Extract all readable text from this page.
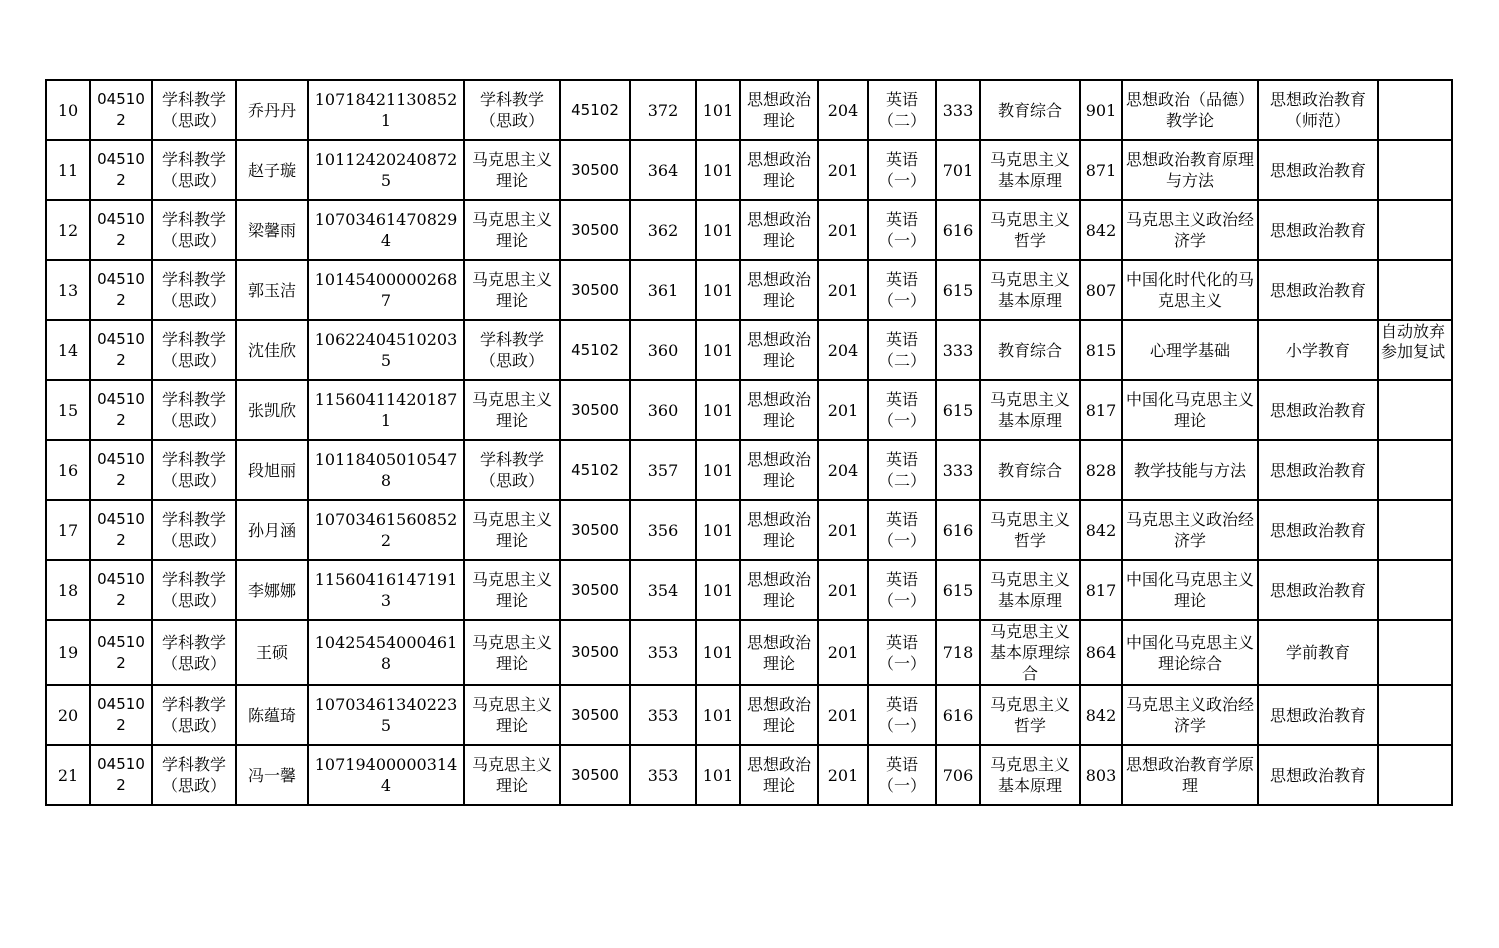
10	045102	学科教学（思政）	乔丹丹	107184211308521	学科教学（思政）	45102	372	101	思想政治理论	204	英语（二）	333	教育综合	901	思想政治（品德）教学论	思想政治教育（师范）	
11	045102	学科教学（思政）	赵子璇	101124202408725	马克思主义理论	30500	364	101	思想政治理论	201	英语（一）	701	马克思主义基本原理	871	思想政治教育原理与方法	思想政治教育	
12	045102	学科教学（思政）	梁馨雨	107034614708294	马克思主义理论	30500	362	101	思想政治理论	201	英语（一）	616	马克思主义哲学	842	马克思主义政治经济学	思想政治教育	
13	045102	学科教学（思政）	郭玉洁	101454000002687	马克思主义理论	30500	361	101	思想政治理论	201	英语（一）	615	马克思主义基本原理	807	中国化时代化的马克思主义	思想政治教育	
14	045102	学科教学（思政）	沈佳欣	106224045102035	学科教学（思政）	45102	360	101	思想政治理论	204	英语（二）	333	教育综合	815	心理学基础	小学教育	自动放弃参加复试
15	045102	学科教学（思政）	张凯欣	115604114201871	马克思主义理论	30500	360	101	思想政治理论	201	英语（一）	615	马克思主义基本原理	817	中国化马克思主义理论	思想政治教育	
16	045102	学科教学（思政）	段旭丽	101184050105478	学科教学（思政）	45102	357	101	思想政治理论	204	英语（二）	333	教育综合	828	教学技能与方法	思想政治教育	
17	045102	学科教学（思政）	孙月涵	107034615608522	马克思主义理论	30500	356	101	思想政治理论	201	英语（一）	616	马克思主义哲学	842	马克思主义政治经济学	思想政治教育	
18	045102	学科教学（思政）	李娜娜	115604161471913	马克思主义理论	30500	354	101	思想政治理论	201	英语（一）	615	马克思主义基本原理	817	中国化马克思主义理论	思想政治教育	
19	045102	学科教学（思政）	王硕	104254540004618	马克思主义理论	30500	353	101	思想政治理论	201	英语（一）	718	马克思主义基本原理综合	864	中国化马克思主义理论综合	学前教育	
20	045102	学科教学（思政）	陈蕴琦	107034613402235	马克思主义理论	30500	353	101	思想政治理论	201	英语（一）	616	马克思主义哲学	842	马克思主义政治经济学	思想政治教育	
21	045102	学科教学（思政）	冯一馨	107194000003144	马克思主义理论	30500	353	101	思想政治理论	201	英语（一）	706	马克思主义基本原理	803	思想政治教育学原理	思想政治教育	
